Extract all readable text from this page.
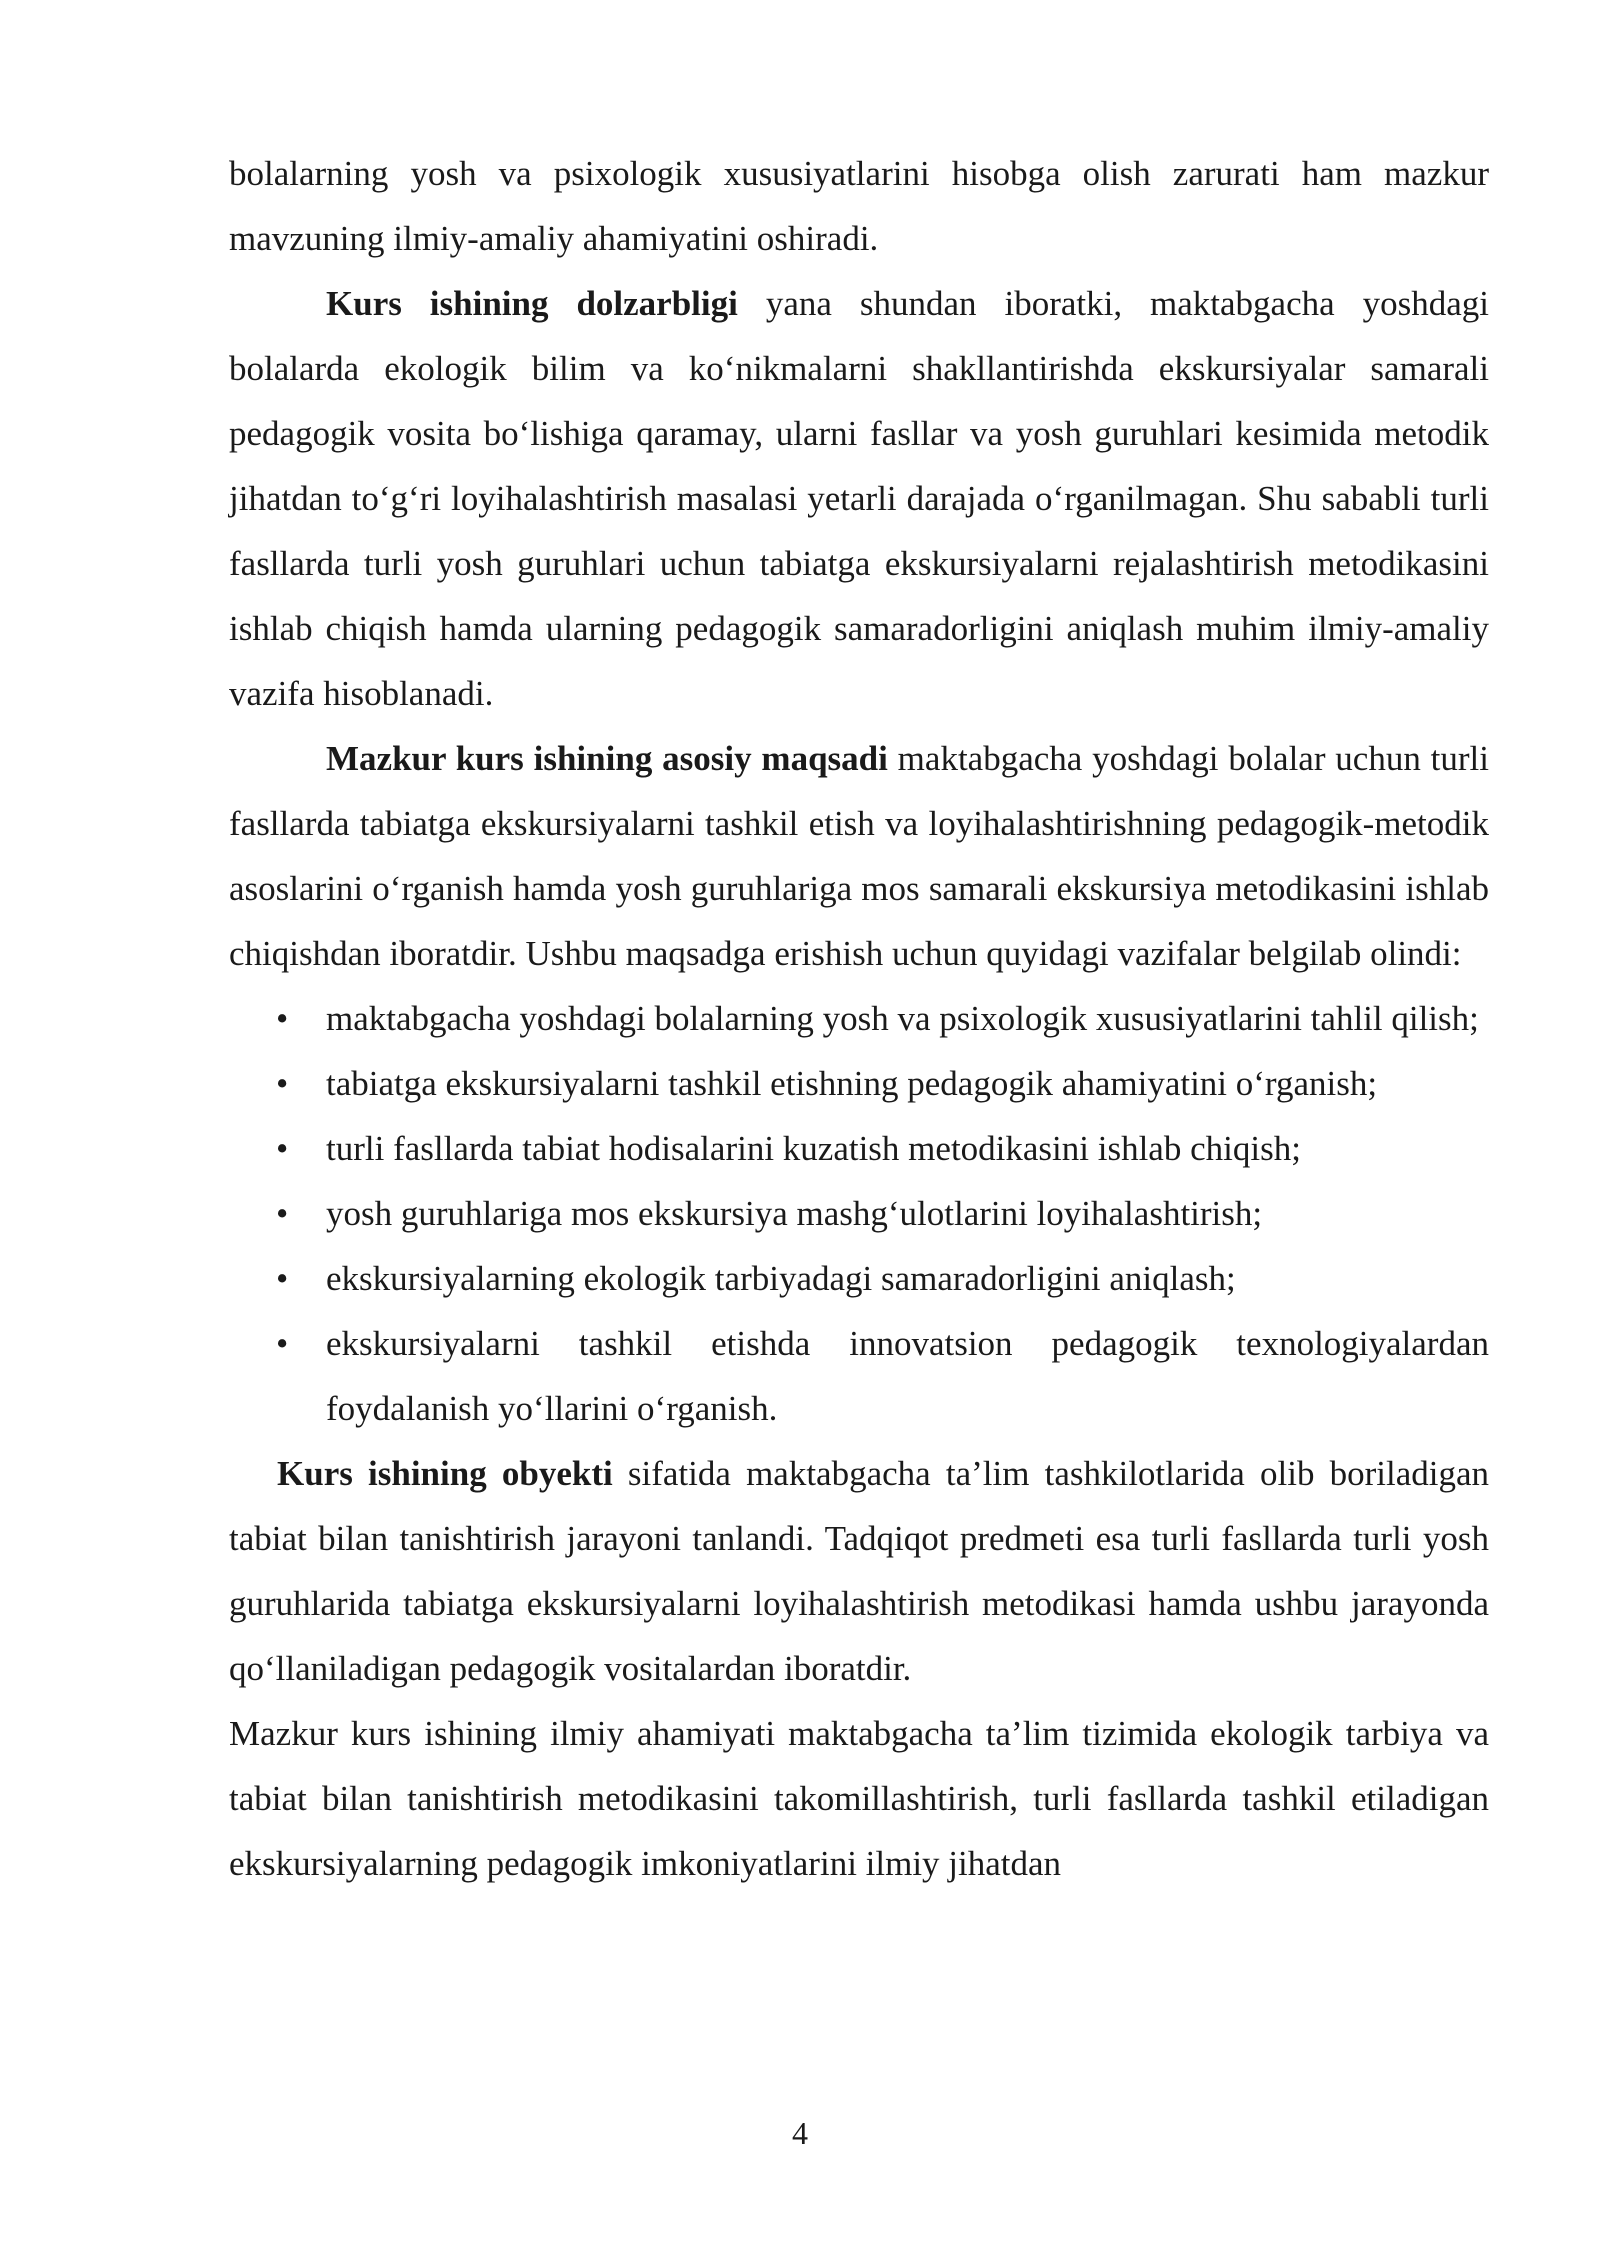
bolalarning yosh va psixologik xususiyatlarini hisobga olish zarurati ham mazkur mavzuning ilmiy-amaliy ahamiyatini oshiradi.

Kurs ishining dolzarbligi yana shundan iboratki, maktabgacha yoshdagi bolalarda ekologik bilim va ko‘nikmalarni shakllantirishda ekskursiyalar samarali pedagogik vosita bo‘lishiga qaramay, ularni fasllar va yosh guruhlari kesimida metodik jihatdan to‘g‘ri loyihalashtirish masalasi yetarli darajada o‘rganilmagan. Shu sababli turli fasllarda turli yosh guruhlari uchun tabiatga ekskursiyalarni rejalashtirish metodikasini ishlab chiqish hamda ularning pedagogik samaradorligini aniqlash muhim ilmiy-amaliy vazifa hisoblanadi.

Mazkur kurs ishining asosiy maqsadi maktabgacha yoshdagi bolalar uchun turli fasllarda tabiatga ekskursiyalarni tashkil etish va loyihalashtirishning pedagogik-metodik asoslarini o‘rganish hamda yosh guruhlariga mos samarali ekskursiya metodikasini ishlab chiqishdan iboratdir. Ushbu maqsadga erishish uchun quyidagi vazifalar belgilab olindi:

• maktabgacha yoshdagi bolalarning yosh va psixologik xususiyatlarini tahlil qilish;
• tabiatga ekskursiyalarni tashkil etishning pedagogik ahamiyatini o‘rganish;
• turli fasllarda tabiat hodisalarini kuzatish metodikasini ishlab chiqish;
• yosh guruhlariga mos ekskursiya mashg‘ulotlarini loyihalashtirish;
• ekskursiyalarning ekologik tarbiyadagi samaradorligini aniqlash;
• ekskursiyalarni tashkil etishda innovatsion pedagogik texnologiyalardan foydalanish yo‘llarini o‘rganish.

Kurs ishining obyekti sifatida maktabgacha ta’lim tashkilotlarida olib boriladigan tabiat bilan tanishtirish jarayoni tanlandi. Tadqiqot predmeti esa turli fasllarda turli yosh guruhlarida tabiatga ekskursiyalarni loyihalashtirish metodikasi hamda ushbu jarayonda qo‘llaniladigan pedagogik vositalardan iboratdir.

Mazkur kurs ishining ilmiy ahamiyati maktabgacha ta’lim tizimida ekologik tarbiya va tabiat bilan tanishtirish metodikasini takomillashtirish, turli fasllarda tashkil etiladigan ekskursiyalarning pedagogik imkoniyatlarini ilmiy jihatdan

4
